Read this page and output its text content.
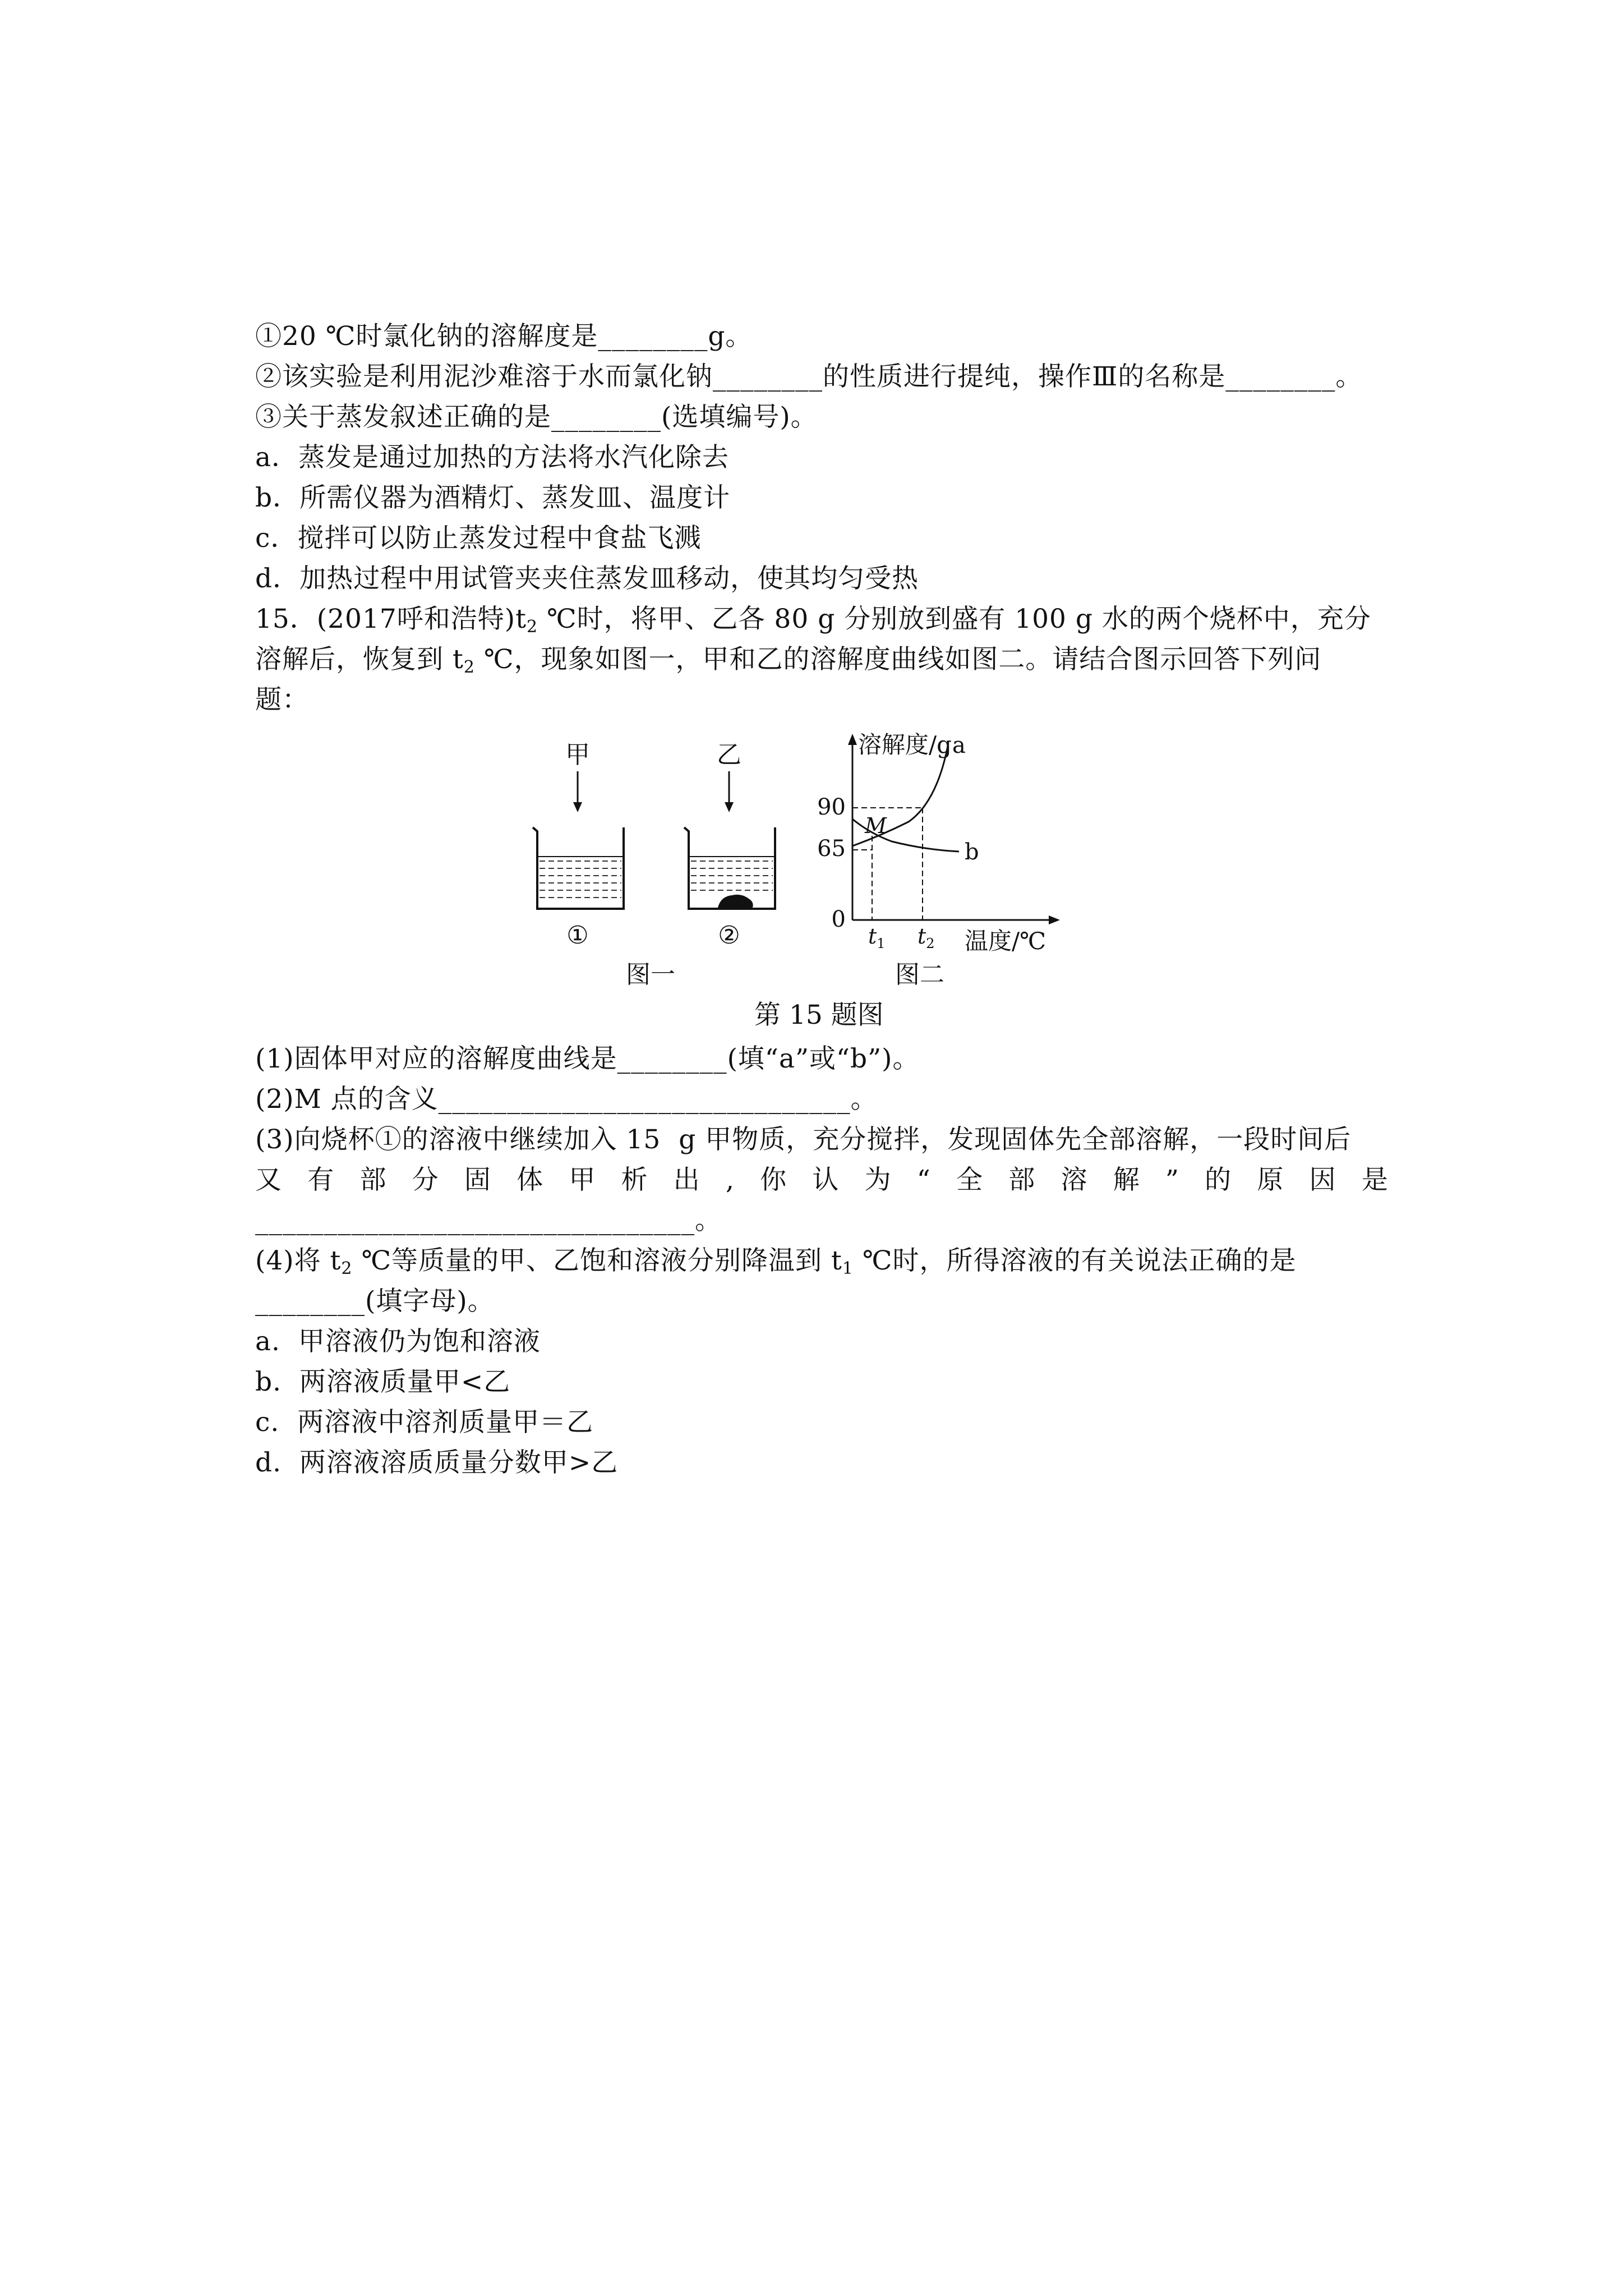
①20 ℃时氯化钠的溶解度是________g。
②该实验是利用泥沙难溶于水而氯化钠________的性质进行提纯，操作Ⅲ的名称是________。
③关于蒸发叙述正确的是________(选填编号)。
a．蒸发是通过加热的方法将水汽化除去
b．所需仪器为酒精灯、蒸发皿、温度计
c．搅拌可以防止蒸发过程中食盐飞溅
d．加热过程中用试管夹夹住蒸发皿移动，使其均匀受热
15．(2017呼和浩特)$t_2$ ℃时，将甲、乙各 80 g 分别放到盛有 100 g 水的两个烧杯中，充分
溶解后，恢复到 $t_2$ ℃，现象如图一，甲和乙的溶解度曲线如图二。请结合图示回答下列问
题：
甲
①
乙
②
图一
溶解度/g
温度/℃
90
65
0
a
b
M
$t_1$ $t_2$
图二
第 15 题图
(1)固体甲对应的溶解度曲线是________(填“a”或“b”)。
(2)M 点的含义______________________________。
(3)向烧杯①的溶液中继续加入 15  g 甲物质，充分搅拌，发现固体先全部溶解，一段时间后
又 有 部 分 固 体 甲 析 出 , 你 认 为 “ 全 部 溶 解 ” 的 原 因 是
________________________________。
(4)将 $t_2$ ℃等质量的甲、乙饱和溶液分别降温到 $t_1$ ℃时，所得溶液的有关说法正确的是
________(填字母)。
a.  甲溶液仍为饱和溶液
b.  两溶液质量甲<乙
c.  两溶液中溶剂质量甲＝乙
d.  两溶液溶质质量分数甲>乙
